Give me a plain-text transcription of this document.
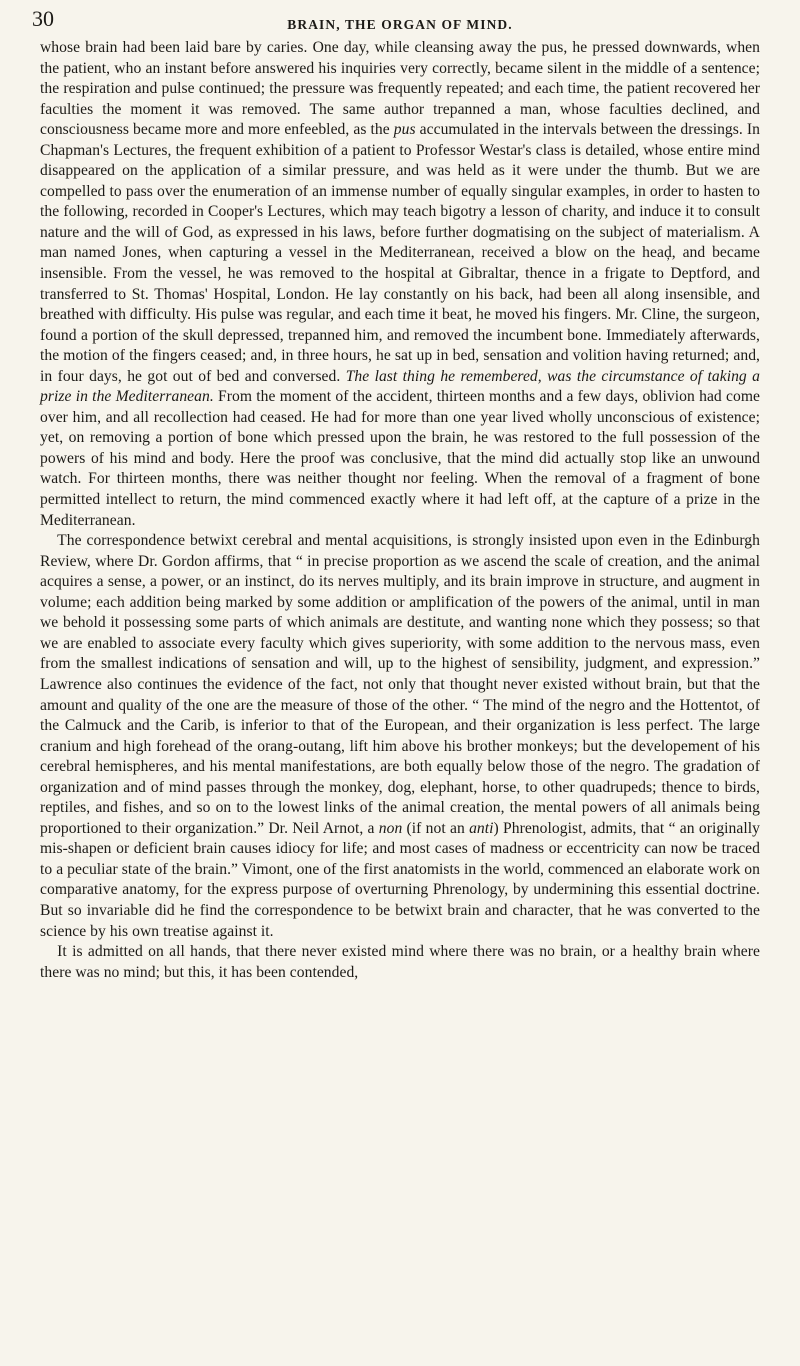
30	BRAIN, THE ORGAN OF MIND.

whose brain had been laid bare by caries. One day, while cleansing away the pus, he pressed downwards, when the patient, who an instant before answered his inquiries very correctly, became silent in the middle of a sentence; the respiration and pulse continued; the pressure was frequently repeated; and each time, the patient recovered her faculties the moment it was removed. The same author trepanned a man, whose faculties declined, and consciousness became more and more enfeebled, as the pus accumulated in the intervals between the dressings. In Chapman's Lectures, the frequent exhibition of a patient to Professor Westar's class is detailed, whose entire mind disappeared on the application of a similar pressure, and was held as it were under the thumb. But we are compelled to pass over the enumeration of an immense number of equally singular examples, in order to hasten to the following, recorded in Cooper's Lectures, which may teach bigotry a lesson of charity, and induce it to consult nature and the will of God, as expressed in his laws, before further dogmatising on the subject of materialism. A man named Jones, when capturing a vessel in the Mediterranean, received a blow on the heaḑ, and became insensible. From the vessel, he was removed to the hospital at Gibraltar, thence in a frigate to Deptford, and transferred to St. Thomas' Hospital, London. He lay constantly on his back, had been all along insensible, and breathed with difficulty. His pulse was regular, and each time it beat, he moved his fingers. Mr. Cline, the surgeon, found a portion of the skull depressed, trepanned him, and removed the incumbent bone. Immediately afterwards, the motion of the fingers ceased; and, in three hours, he sat up in bed, sensation and volition having returned; and, in four days, he got out of bed and conversed. The last thing he remembered, was the circumstance of taking a prize in the Mediterranean. From the moment of the accident, thirteen months and a few days, oblivion had come over him, and all recollection had ceased. He had for more than one year lived wholly unconscious of existence; yet, on removing a portion of bone which pressed upon the brain, he was restored to the full possession of the powers of his mind and body. Here the proof was conclusive, that the mind did actually stop like an unwound watch. For thirteen months, there was neither thought nor feeling. When the removal of a fragment of bone permitted intellect to return, the mind commenced exactly where it had left off, at the capture of a prize in the Mediterranean.

The correspondence betwixt cerebral and mental acquisitions, is strongly insisted upon even in the Edinburgh Review, where Dr. Gordon affirms, that “ in precise proportion as we ascend the scale of creation, and the animal acquires a sense, a power, or an instinct, do its nerves multiply, and its brain improve in structure, and augment in volume; each addition being marked by some addition or amplification of the powers of the animal, until in man we behold it possessing some parts of which animals are destitute, and wanting none which they possess; so that we are enabled to associate every faculty which gives superiority, with some addition to the nervous mass, even from the smallest indications of sensation and will, up to the highest of sensibility, judgment, and expression.” Lawrence also continues the evidence of the fact, not only that thought never existed without brain, but that the amount and quality of the one are the measure of those of the other. “ The mind of the negro and the Hottentot, of the Calmuck and the Carib, is inferior to that of the European, and their organization is less perfect. The large cranium and high forehead of the orang-outang, lift him above his brother monkeys; but the developement of his cerebral hemispheres, and his mental manifestations, are both equally below those of the negro. The gradation of organization and of mind passes through the monkey, dog, elephant, horse, to other quadrupeds; thence to birds, reptiles, and fishes, and so on to the lowest links of the animal creation, the mental powers of all animals being proportioned to their organization.” Dr. Neil Arnot, a non (if not an anti) Phrenologist, admits, that “ an originally mis-shapen or deficient brain causes idiocy for life; and most cases of madness or eccentricity can now be traced to a peculiar state of the brain.” Vimont, one of the first anatomists in the world, commenced an elaborate work on comparative anatomy, for the express purpose of overturning Phrenology, by undermining this essential doctrine. But so invariable did he find the correspondence to be betwixt brain and character, that he was converted to the science by his own treatise against it.

It is admitted on all hands, that there never existed mind where there was no brain, or a healthy brain where there was no mind; but this, it has been contended,
